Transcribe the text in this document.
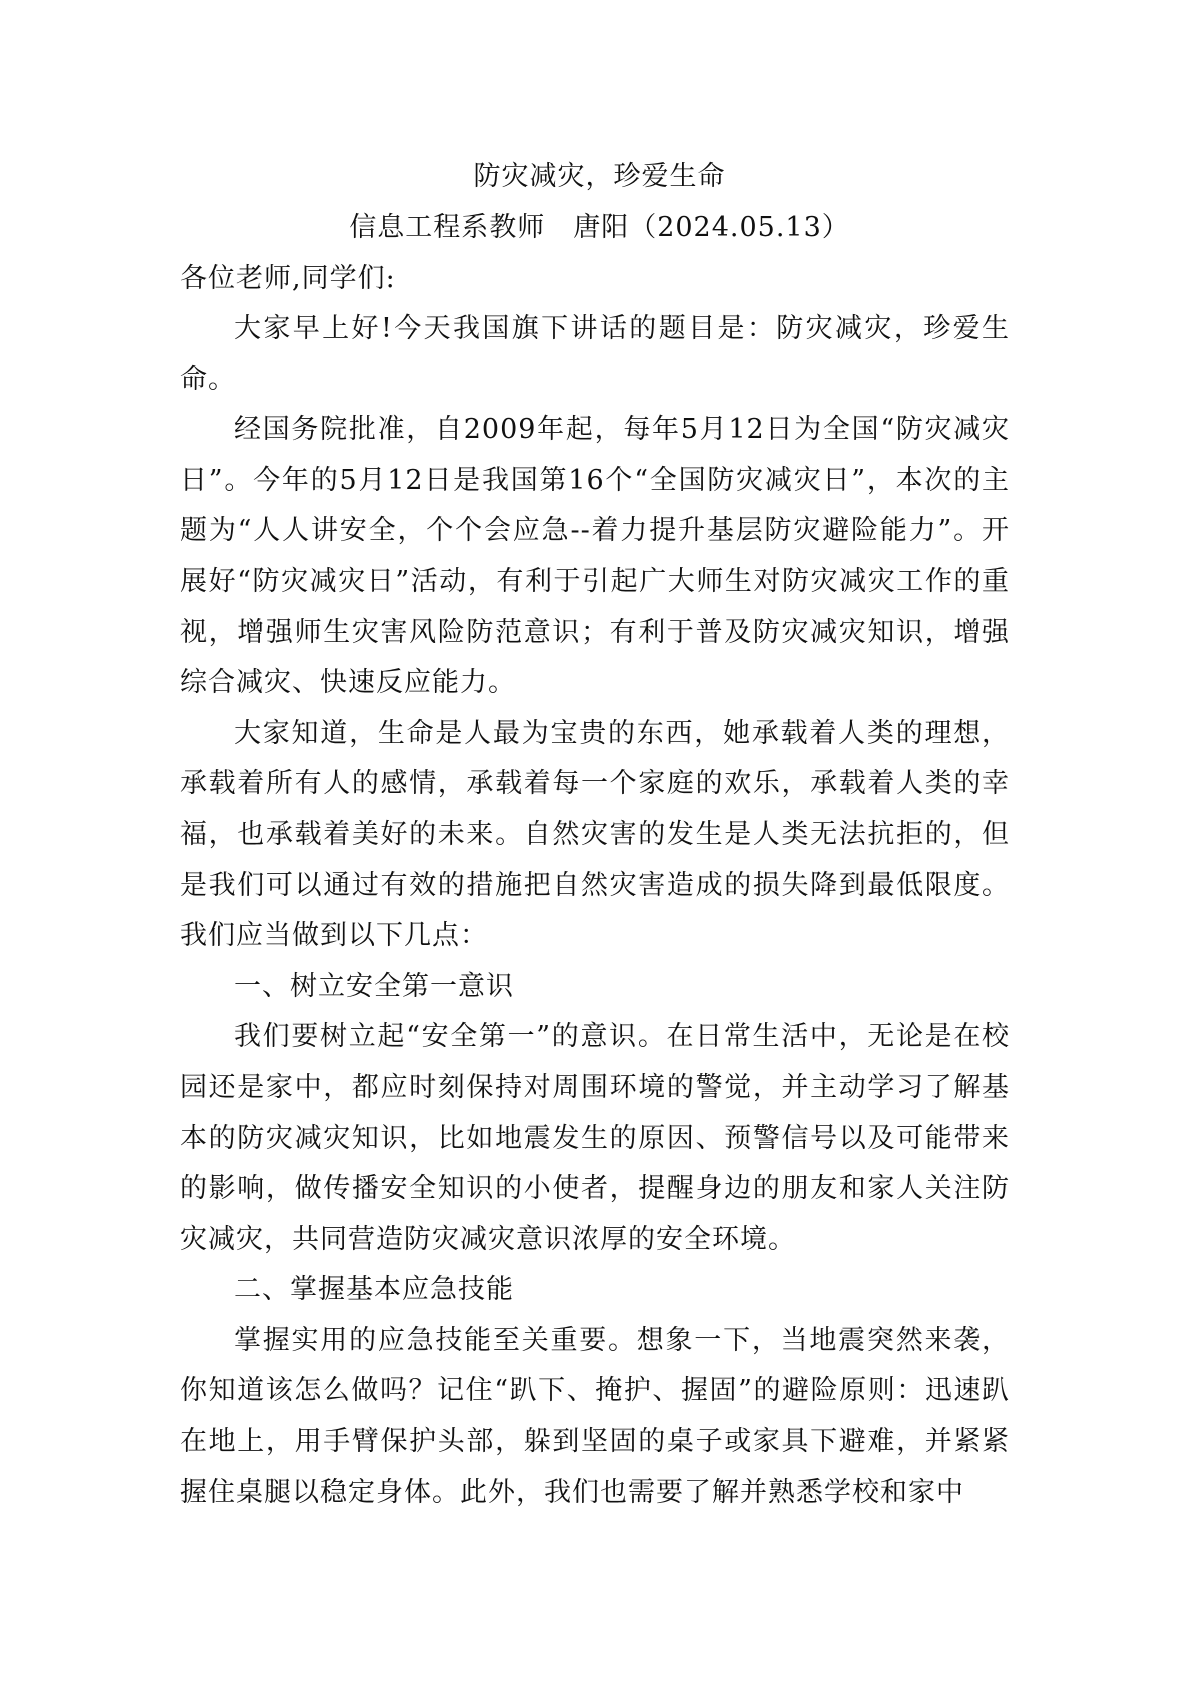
防灾减灾，珍爱生命
信息工程系教师　唐阳（2024.05.13）
各位老师,同学们:

大家早上好!今天我国旗下讲话的题目是：防灾减灾，珍爱生命。

经国务院批准，自2009年起，每年5月12日为全国“防灾减灾日”。今年的5月12日是我国第16个“全国防灾减灾日”，本次的主题为“人人讲安全，个个会应急--着力提升基层防灾避险能力”。开展好“防灾减灾日”活动，有利于引起广大师生对防灾减灾工作的重视，增强师生灾害风险防范意识；有利于普及防灾减灾知识，增强综合减灾、快速反应能力。

大家知道，生命是人最为宝贵的东西，她承载着人类的理想，承载着所有人的感情，承载着每一个家庭的欢乐，承载着人类的幸福，也承载着美好的未来。自然灾害的发生是人类无法抗拒的，但是我们可以通过有效的措施把自然灾害造成的损失降到最低限度。我们应当做到以下几点：

一、树立安全第一意识

我们要树立起“安全第一”的意识。在日常生活中，无论是在校园还是家中，都应时刻保持对周围环境的警觉，并主动学习了解基本的防灾减灾知识，比如地震发生的原因、预警信号以及可能带来的影响，做传播安全知识的小使者，提醒身边的朋友和家人关注防灾减灾，共同营造防灾减灾意识浓厚的安全环境。

二、掌握基本应急技能

掌握实用的应急技能至关重要。想象一下，当地震突然来袭，你知道该怎么做吗？记住“趴下、掩护、握固”的避险原则：迅速趴在地上，用手臂保护头部，躲到坚固的桌子或家具下避难，并紧紧握住桌腿以稳定身体。此外，我们也需要了解并熟悉学校和家中
